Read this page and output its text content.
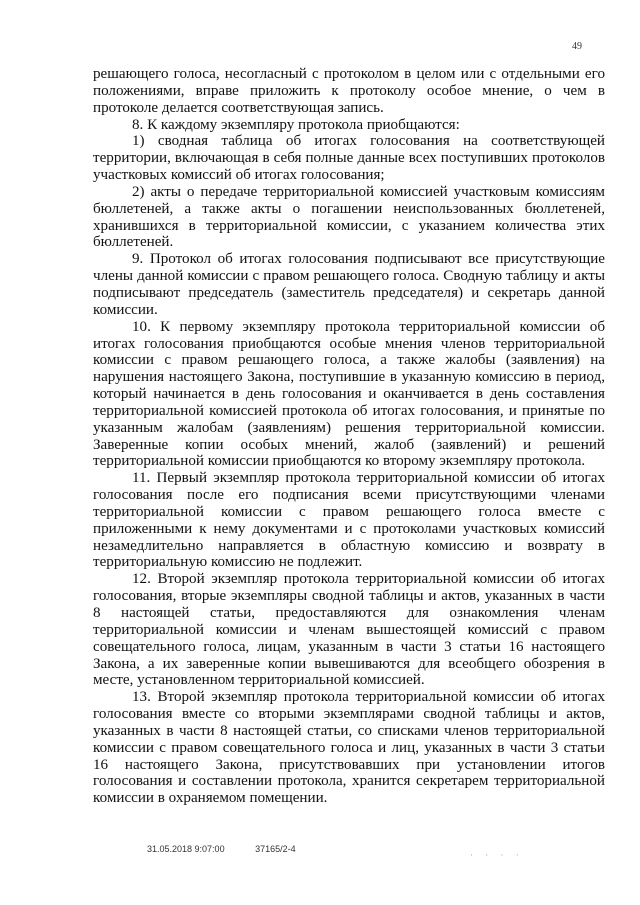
49

решающего голоса, несогласный с протоколом в целом или с отдельными его положениями, вправе приложить к протоколу особое мнение, о чем в протоколе делается соответствующая запись.

8. К каждому экземпляру протокола приобщаются:

1) сводная таблица об итогах голосования на соответствующей территории, включающая в себя полные данные всех поступивших протоколов участковых комиссий об итогах голосования;

2) акты о передаче территориальной комиссией участковым комиссиям бюллетеней, а также акты о погашении неиспользованных бюллетеней, хранившихся в территориальной комиссии, с указанием количества этих бюллетеней.

9. Протокол об итогах голосования подписывают все присутствующие члены данной комиссии с правом решающего голоса. Сводную таблицу и акты подписывают председатель (заместитель председателя) и секретарь данной комиссии.

10. К первому экземпляру протокола территориальной комиссии об итогах голосования приобщаются особые мнения членов территориальной комиссии с правом решающего голоса, а также жалобы (заявления) на нарушения настоящего Закона, поступившие в указанную комиссию в период, который начинается в день голосования и оканчивается в день составления территориальной комиссией протокола об итогах голосования, и принятые по указанным жалобам (заявлениям) решения территориальной комиссии. Заверенные копии особых мнений, жалоб (заявлений) и решений территориальной комиссии приобщаются ко второму экземпляру протокола.

11. Первый экземпляр протокола территориальной комиссии об итогах голосования после его подписания всеми присутствующими членами территориальной комиссии с правом решающего голоса вместе с приложенными к нему документами и с протоколами участковых комиссий незамедлительно направляется в областную комиссию и возврату в территориальную комиссию не подлежит.

12. Второй экземпляр протокола территориальной комиссии об итогах голосования, вторые экземпляры сводной таблицы и актов, указанных в части 8 настоящей статьи, предоставляются для ознакомления членам территориальной комиссии и членам вышестоящей комиссий с правом совещательного голоса, лицам, указанным в части 3 статьи 16 настоящего Закона, а их заверенные копии вывешиваются для всеобщего обозрения в месте, установленном территориальной комиссией.

13. Второй экземпляр протокола территориальной комиссии об итогах голосования вместе со вторыми экземплярами сводной таблицы и актов, указанных в части 8 настоящей статьи, со списками членов территориальной комиссии с правом совещательного голоса и лиц, указанных в части 3 статьи 16 настоящего Закона, присутствовавших при установлении итогов голосования и составлении протокола, хранится секретарем территориальной комиссии в охраняемом помещении.

31.05.2018 9:07:00	37165/2-4
· · · ·
